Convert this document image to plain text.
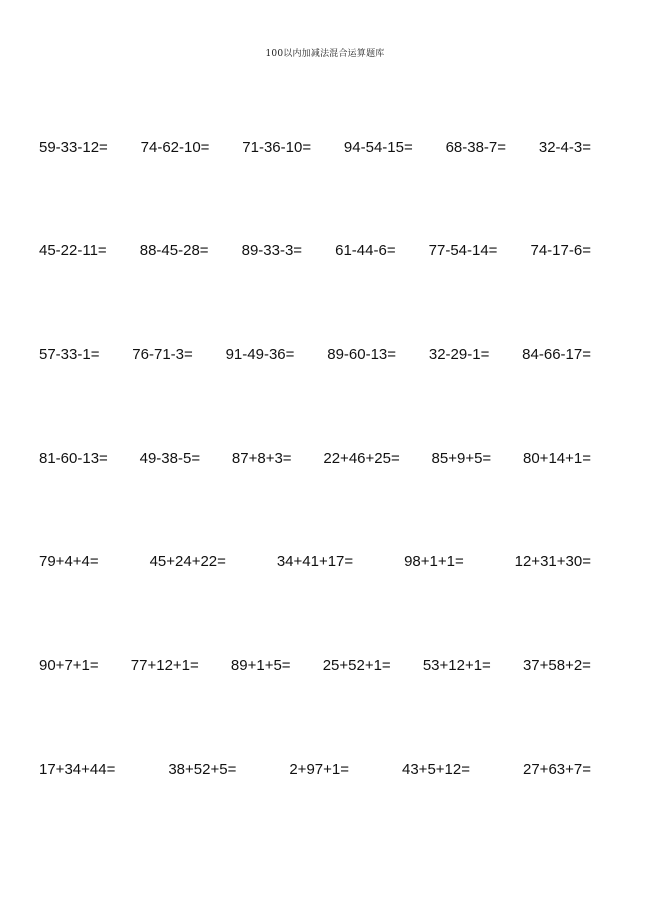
100以内加减法混合运算题库
59-33-12= 74-62-10= 71-36-10= 94-54-15= 68-38-7= 32-4-3=
45-22-11= 88-45-28= 89-33-3= 61-44-6= 77-54-14= 74-17-6=
57-33-1= 76-71-3= 91-49-36= 89-60-13= 32-29-1= 84-66-17=
81-60-13= 49-38-5= 87+8+3= 22+46+25= 85+9+5= 80+14+1=
79+4+4=	45+24+22=	34+41+17=	98+1+1=	12+31+30=
90+7+1= 77+12+1= 89+1+5= 25+52+1= 53+12+1= 37+58+2=
17+34+44=	38+52+5=	2+97+1=	43+5+12=	27+63+7=
